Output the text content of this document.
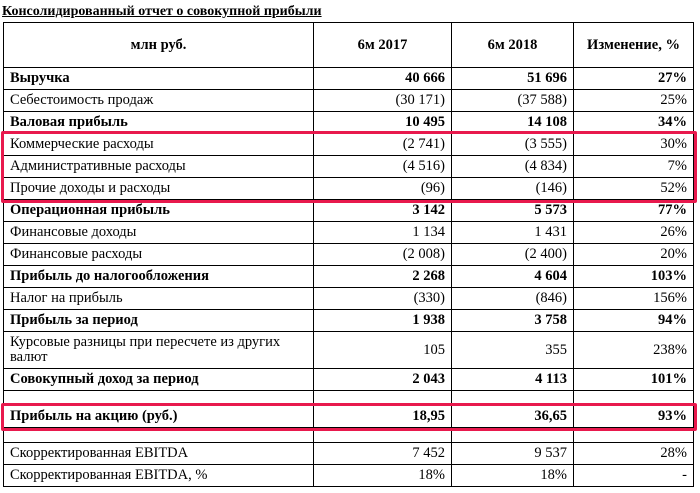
Консолидированный отчет о совокупной прибыли
млн руб.	6м 2017	6м 2018	Изменение, %
Выручка	40 666	51 696	27%
Себестоимость продаж	(30 171)	(37 588)	25%
Валовая прибыль	10 495	14 108	34%
Коммерческие расходы	(2 741)	(3 555)	30%
Административные расходы	(4 516)	(4 834)	7%
Прочие доходы и расходы	(96)	(146)	52%
Операционная прибыль	3 142	5 573	77%
Финансовые доходы	1 134	1 431	26%
Финансовые расходы	(2 008)	(2 400)	20%
Прибыль до налогообложения	2 268	4 604	103%
Налог на прибыль	(330)	(846)	156%
Прибыль за период	1 938	3 758	94%
Курсовые разницы при пересчете из других валют	105	355	238%
Совокупный доход за период	2 043	4 113	101%

Прибыль на акцию (руб.)	18,95	36,65	93%

Скорректированная EBITDA	7 452	9 537	28%
Скорректированная EBITDA, %	18%	18%	-
